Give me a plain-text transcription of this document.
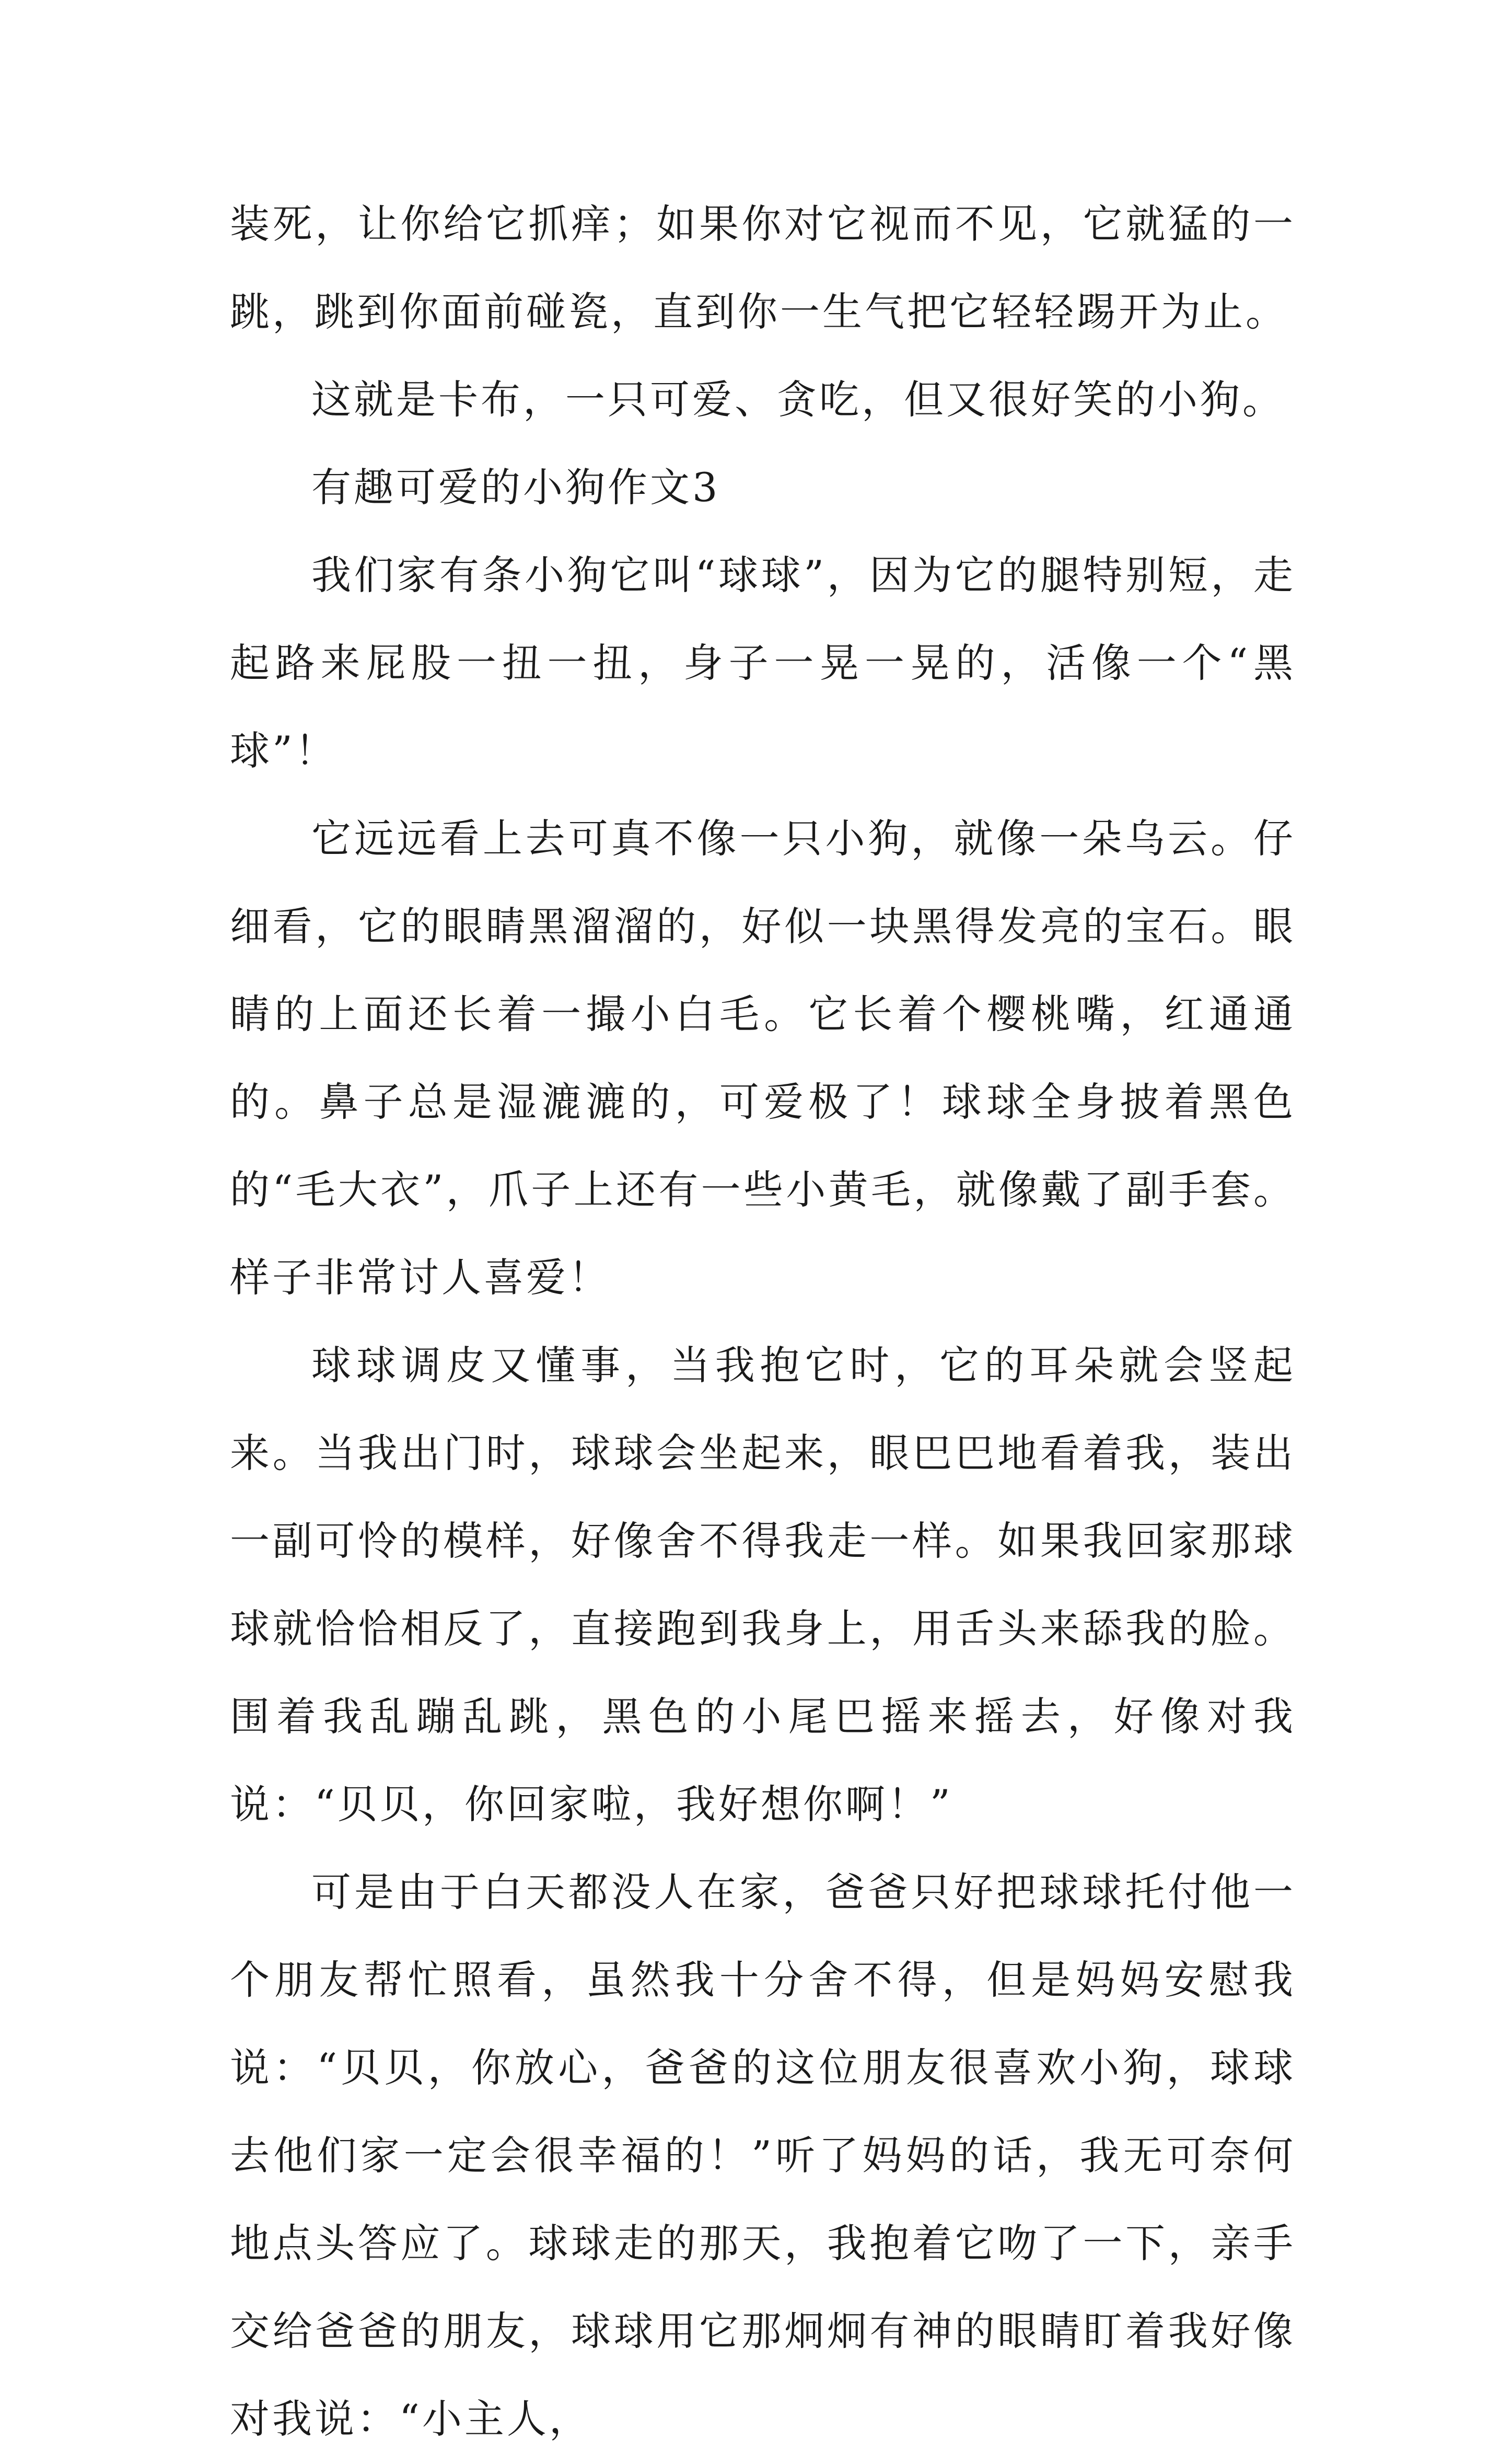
装死，让你给它抓痒；如果你对它视而不见，它就猛的一跳，跳到你面前碰瓷，直到你一生气把它轻轻踢开为止。

这就是卡布，一只可爱、贪吃，但又很好笑的小狗。

有趣可爱的小狗作文3

我们家有条小狗它叫“球球”，因为它的腿特别短，走起路来屁股一扭一扭，身子一晃一晃的，活像一个“黑球”！

它远远看上去可真不像一只小狗，就像一朵乌云。仔细看，它的眼睛黑溜溜的，好似一块黑得发亮的宝石。眼睛的上面还长着一撮小白毛。它长着个樱桃嘴，红通通的。鼻子总是湿漉漉的，可爱极了！球球全身披着黑色的“毛大衣”，爪子上还有一些小黄毛，就像戴了副手套。样子非常讨人喜爱！

球球调皮又懂事，当我抱它时，它的耳朵就会竖起来。当我出门时，球球会坐起来，眼巴巴地看着我，装出一副可怜的模样，好像舍不得我走一样。如果我回家那球球就恰恰相反了，直接跑到我身上，用舌头来舔我的脸。围着我乱蹦乱跳，黑色的小尾巴摇来摇去，好像对我说：“贝贝，你回家啦，我好想你啊！”

可是由于白天都没人在家，爸爸只好把球球托付他一个朋友帮忙照看，虽然我十分舍不得，但是妈妈安慰我说：“贝贝，你放心，爸爸的这位朋友很喜欢小狗，球球去他们家一定会很幸福的！”听了妈妈的话，我无可奈何地点头答应了。球球走的那天，我抱着它吻了一下，亲手交给爸爸的朋友，球球用它那炯炯有神的眼睛盯着我好像对我说：“小主人，
